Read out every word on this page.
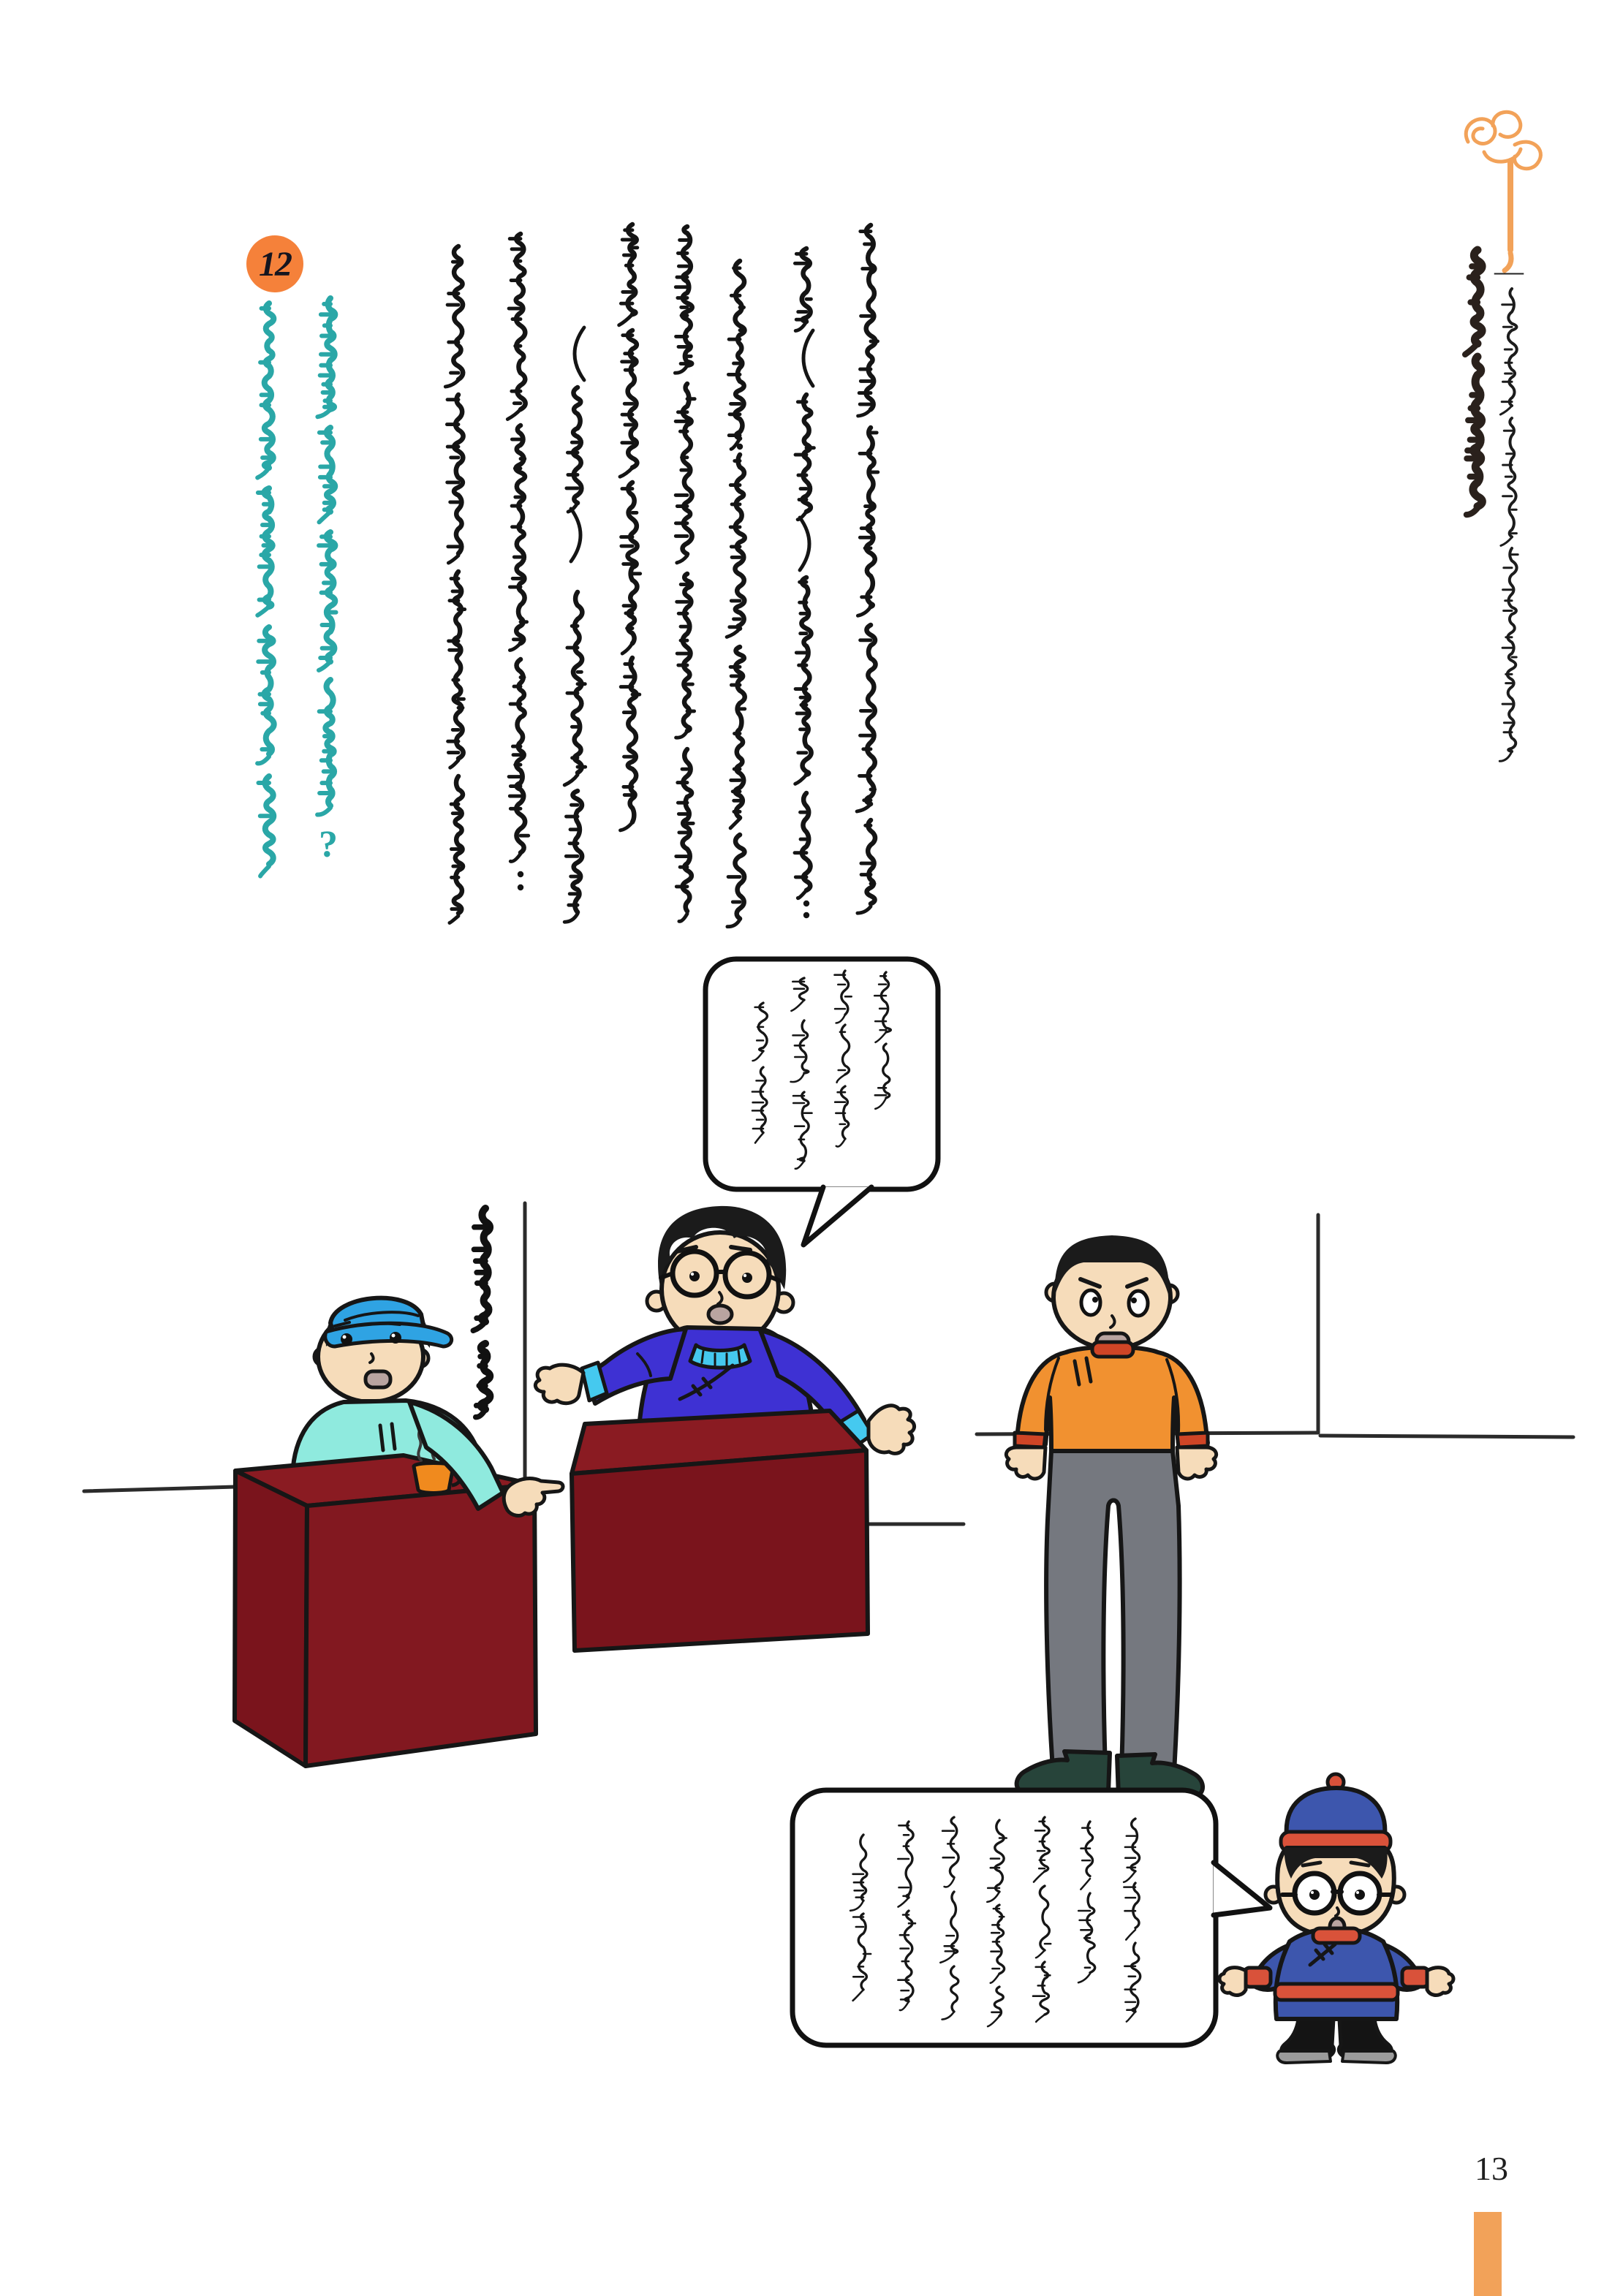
—
?
12
13
